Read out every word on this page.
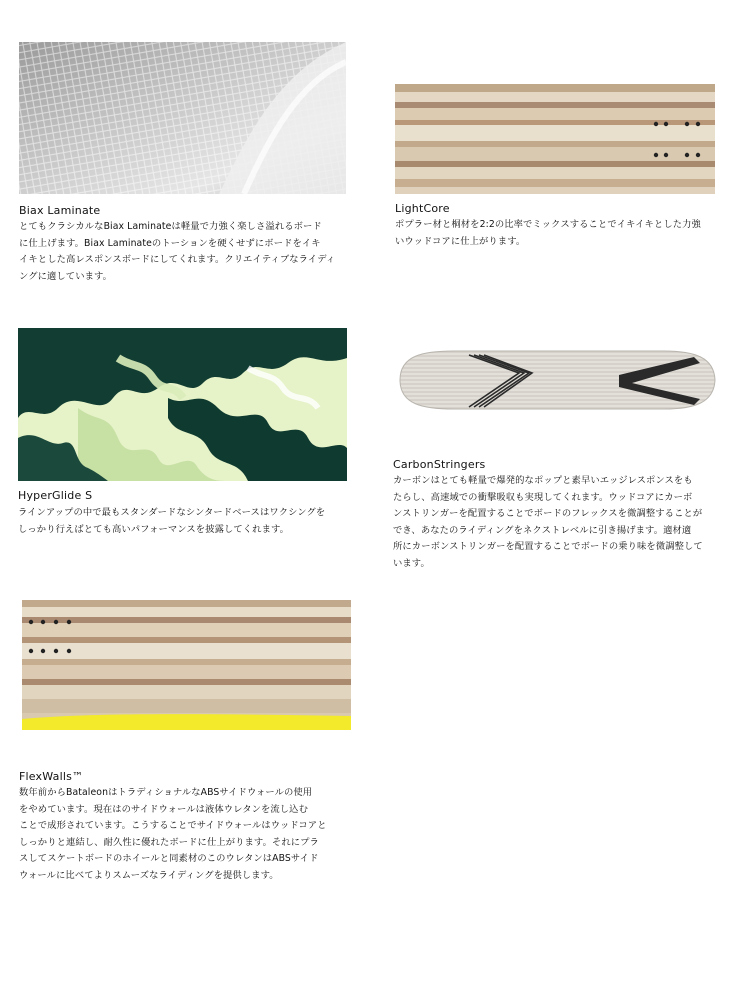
Biax Laminate
とてもクラシカルなBiax Laminateは軽量で力強く楽しさ溢れるボード
に仕上げます。Biax Laminateのトーションを硬くせずにボードをイキ
イキとした高レスポンスボードにしてくれます。クリエイティブなライディ
ングに適しています。
LightCore
ポプラー材と桐材を2:2の比率でミックスすることでイキイキとした力強
いウッドコアに仕上がります。
HyperGlide S
ラインアップの中で最もスタンダードなシンタードベースはワクシングを
しっかり行えばとても高いパフォーマンスを披露してくれます。
CarbonStringers
カーボンはとても軽量で爆発的なポップと素早いエッジレスポンスをも
たらし、高速域での衝撃吸収も実現してくれます。ウッドコアにカーボ
ンストリンガーを配置することでボードのフレックスを微調整することが
でき、あなたのライディングをネクストレベルに引き揚げます。適材適
所にカーボンストリンガーを配置することでボードの乗り味を微調整して
います。
FlexWalls™
数年前からBataleonはトラディショナルなABSサイドウォールの使用
をやめています。現在はのサイドウォールは液体ウレタンを流し込む
ことで成形されています。こうすることでサイドウォールはウッドコアと
しっかりと連結し、耐久性に優れたボードに仕上がります。それにプラ
スしてスケートボードのホイールと同素材のこのウレタンはABSサイド
ウォールに比べてよりスムーズなライディングを提供します。
